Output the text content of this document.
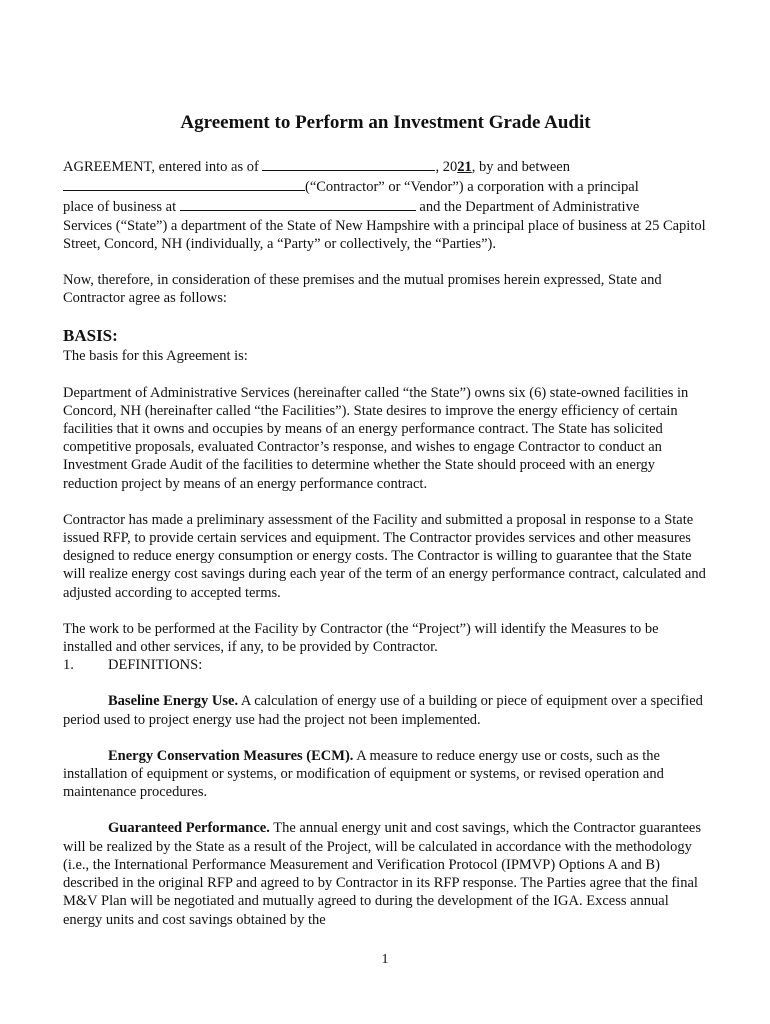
Agreement to Perform an Investment Grade Audit

AGREEMENT, entered into as of	, 2021, by and between
(“Contractor” or “Vendor”) a corporation with a principal
place of business at	and the Department of Administrative
Services (“State”) a department of the State of New Hampshire with a principal place of business at 25 Capitol Street, Concord, NH (individually, a “Party” or collectively, the “Parties”).

Now, therefore, in consideration of these premises and the mutual promises herein expressed, State and Contractor agree as follows:

BASIS:

The basis for this Agreement is:

Department of Administrative Services (hereinafter called “the State”) owns six (6) state-owned facilities in Concord, NH (hereinafter called “the Facilities”). State desires to improve the energy efficiency of certain facilities that it owns and occupies by means of an energy performance contract. The State has solicited competitive proposals, evaluated Contractor’s response, and wishes to engage Contractor to conduct an Investment Grade Audit of the facilities to determine whether the State should proceed with an energy reduction project by means of an energy performance contract.

Contractor has made a preliminary assessment of the Facility and submitted a proposal in response to a State issued RFP, to provide certain services and equipment. The Contractor provides services and other measures designed to reduce energy consumption or energy costs. The Contractor is willing to guarantee that the State will realize energy cost savings during each year of the term of an energy performance contract, calculated and adjusted according to accepted terms.

The work to be performed at the Facility by Contractor (the “Project”) will identify the Measures to be installed and other services, if any, to be provided by Contractor.

1. DEFINITIONS:

Baseline Energy Use. A calculation of energy use of a building or piece of equipment over a specified period used to project energy use had the project not been implemented.

Energy Conservation Measures (ECM). A measure to reduce energy use or costs, such as the installation of equipment or systems, or modification of equipment or systems, or revised operation and maintenance procedures.

Guaranteed Performance. The annual energy unit and cost savings, which the Contractor guarantees will be realized by the State as a result of the Project, will be calculated in accordance with the methodology (i.e., the International Performance Measurement and Verification Protocol (IPMVP) Options A and B) described in the original RFP and agreed to by Contractor in its RFP response. The Parties agree that the final M&V Plan will be negotiated and mutually agreed to during the development of the IGA. Excess annual energy units and cost savings obtained by the

1
